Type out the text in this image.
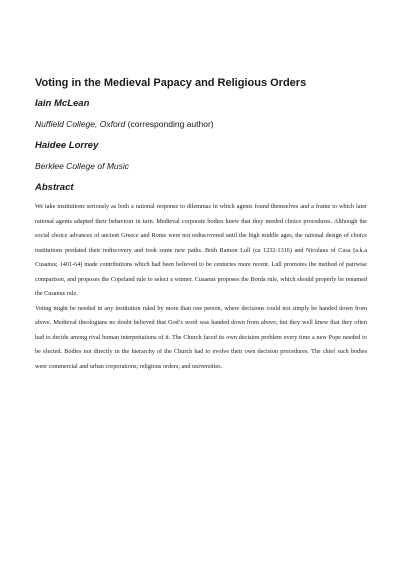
Voting in the Medieval Papacy and Religious Orders
Iain McLean
Nuffield College, Oxford (corresponding author)
Haidee Lorrey
Berklee College of Music
Abstract

We take institutions seriously as both a rational response to dilemmas in which agents found themselves and a frame to which later rational agents adapted their behaviour in turn. Medieval corporate bodies knew that they needed choice procedures. Although the social choice advances of ancient Greece and Rome were not rediscovered until the high middle ages, the rational design of choice institutions predated their rediscovery and took some new paths. Both Ramon Lull (ca 1232-1316) and Nicolaus of Cusa (a.k.a Cusanus; 1401-64) made contributions which had been believed to be centuries more recent. Lull promotes the method of pairwise comparison, and proposes the Copeland rule to select a winner. Cusanus proposes the Borda rule, which should properly be renamed the Cusanus rule.

Voting might be needed in any institution ruled by more than one person, where decisions could not simply be handed down from above. Medieval theologians no doubt believed that God’s word was handed down from above; but they well knew that they often had to decide among rival human interpretations of it. The Church faced its own decision problem every time a new Pope needed to be elected. Bodies not directly in the hierarchy of the Church had to evolve their own decision procedures. The chief such bodies were commercial and urban corporations; religious orders; and universities.
